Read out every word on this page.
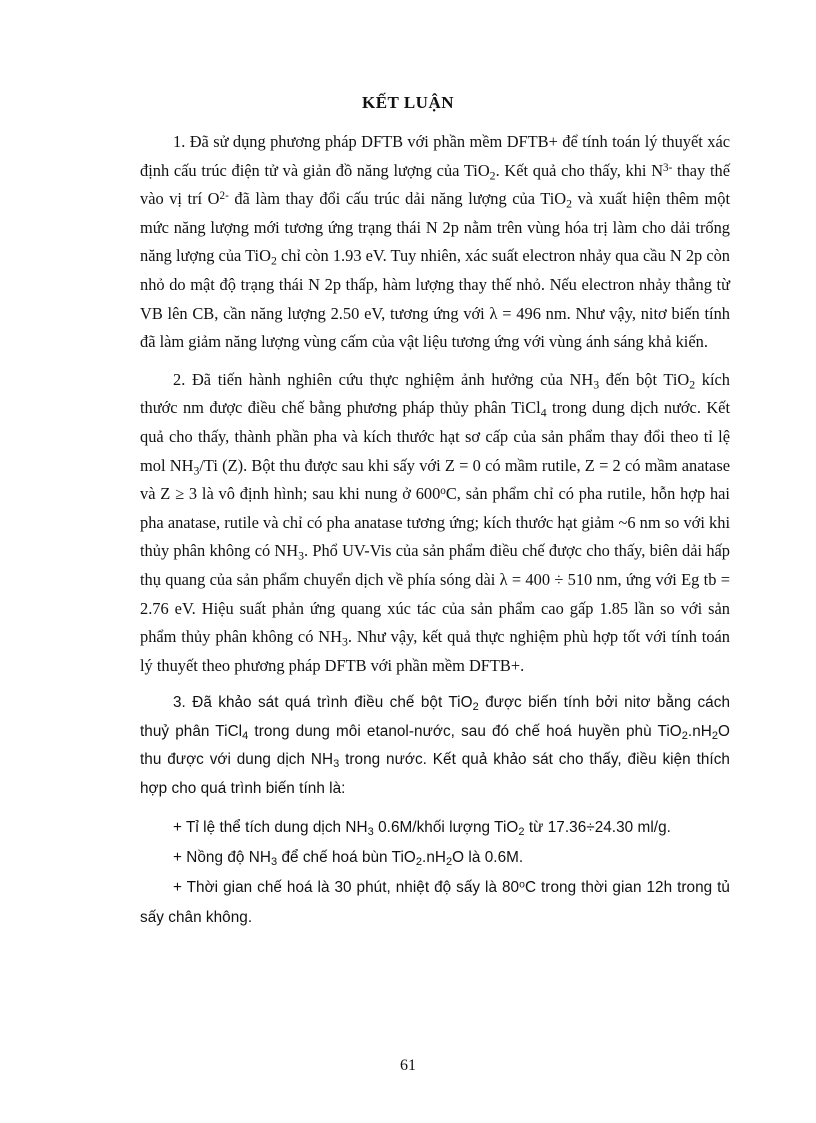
KẾT LUẬN

1. Đã sử dụng phương pháp DFTB với phần mềm DFTB+ để tính toán lý thuyết xác định cấu trúc điện tử và giản đồ năng lượng của TiO$_2$. Kết quả cho thấy, khi $N^{3-}$ thay thế vào vị trí $O^{2-}$ đã làm thay đổi cấu trúc dải năng lượng của TiO$_2$ và xuất hiện thêm một mức năng lượng mới tương ứng trạng thái N 2p nằm trên vùng hóa trị làm cho dải trống năng lượng của TiO$_2$ chỉ còn 1.93 eV. Tuy nhiên, xác suất electron nhảy qua cầu N 2p còn nhỏ do mật độ trạng thái N 2p thấp, hàm lượng thay thế nhỏ. Nếu electron nhảy thẳng từ VB lên CB, cần năng lượng 2.50 eV, tương ứng với λ = 496 nm. Như vậy, nitơ biến tính đã làm giảm năng lượng vùng cấm của vật liệu tương ứng với vùng ánh sáng khả kiến.

2. Đã tiến hành nghiên cứu thực nghiệm ảnh hưởng của $NH_3$ đến bột TiO$_2$ kích thước nm được điều chế bằng phương pháp thủy phân TiCl$_4$ trong dung dịch nước. Kết quả cho thấy, thành phần pha và kích thước hạt sơ cấp của sản phẩm thay đổi theo tỉ lệ mol $NH_3/Ti$ (Z). Bột thu được sau khi sấy với Z = 0 có mầm rutile, Z = 2 có mầm anatase và Z ≥ 3 là vô định hình; sau khi nung ở 600$^o$C, sản phẩm chỉ có pha rutile, hỗn hợp hai pha anatase, rutile và chỉ có pha anatase tương ứng; kích thước hạt giảm ~6 nm so với khi thủy phân không có $NH_3$. Phổ UV-Vis của sản phẩm điều chế được cho thấy, biên dải hấp thụ quang của sản phẩm chuyển dịch về phía sóng dài λ = 400 ÷ 510 nm, ứng với Eg tb = 2.76 eV. Hiệu suất phản ứng quang xúc tác của sản phẩm cao gấp 1.85 lần so với sản phẩm thủy phân không có $NH_3$. Như vậy, kết quả thực nghiệm phù hợp tốt với tính toán lý thuyết theo phương pháp DFTB với phần mềm DFTB+.

3. Đã khảo sát quá trình điều chế bột TiO$_2$ được biến tính bởi nitơ bằng cách thuỷ phân TiCl$_4$ trong dung môi etanol-nước, sau đó chế hoá huyền phù $TiO_2.nH_2O$ thu được với dung dịch $NH_3$ trong nước. Kết quả khảo sát cho thấy, điều kiện thích hợp cho quá trình biến tính là:

+ Tỉ lệ thể tích dung dịch $NH_3$ 0.6M/khối lượng TiO$_2$ từ 17.36÷24.30 ml/g.

+ Nồng độ $NH_3$ để chế hoá bùn $TiO_2.nH_2O$ là 0.6M.

+ Thời gian chế hoá là 30 phút, nhiệt độ sấy là 80$^o$C trong thời gian 12h trong tủ sấy chân không.

61
